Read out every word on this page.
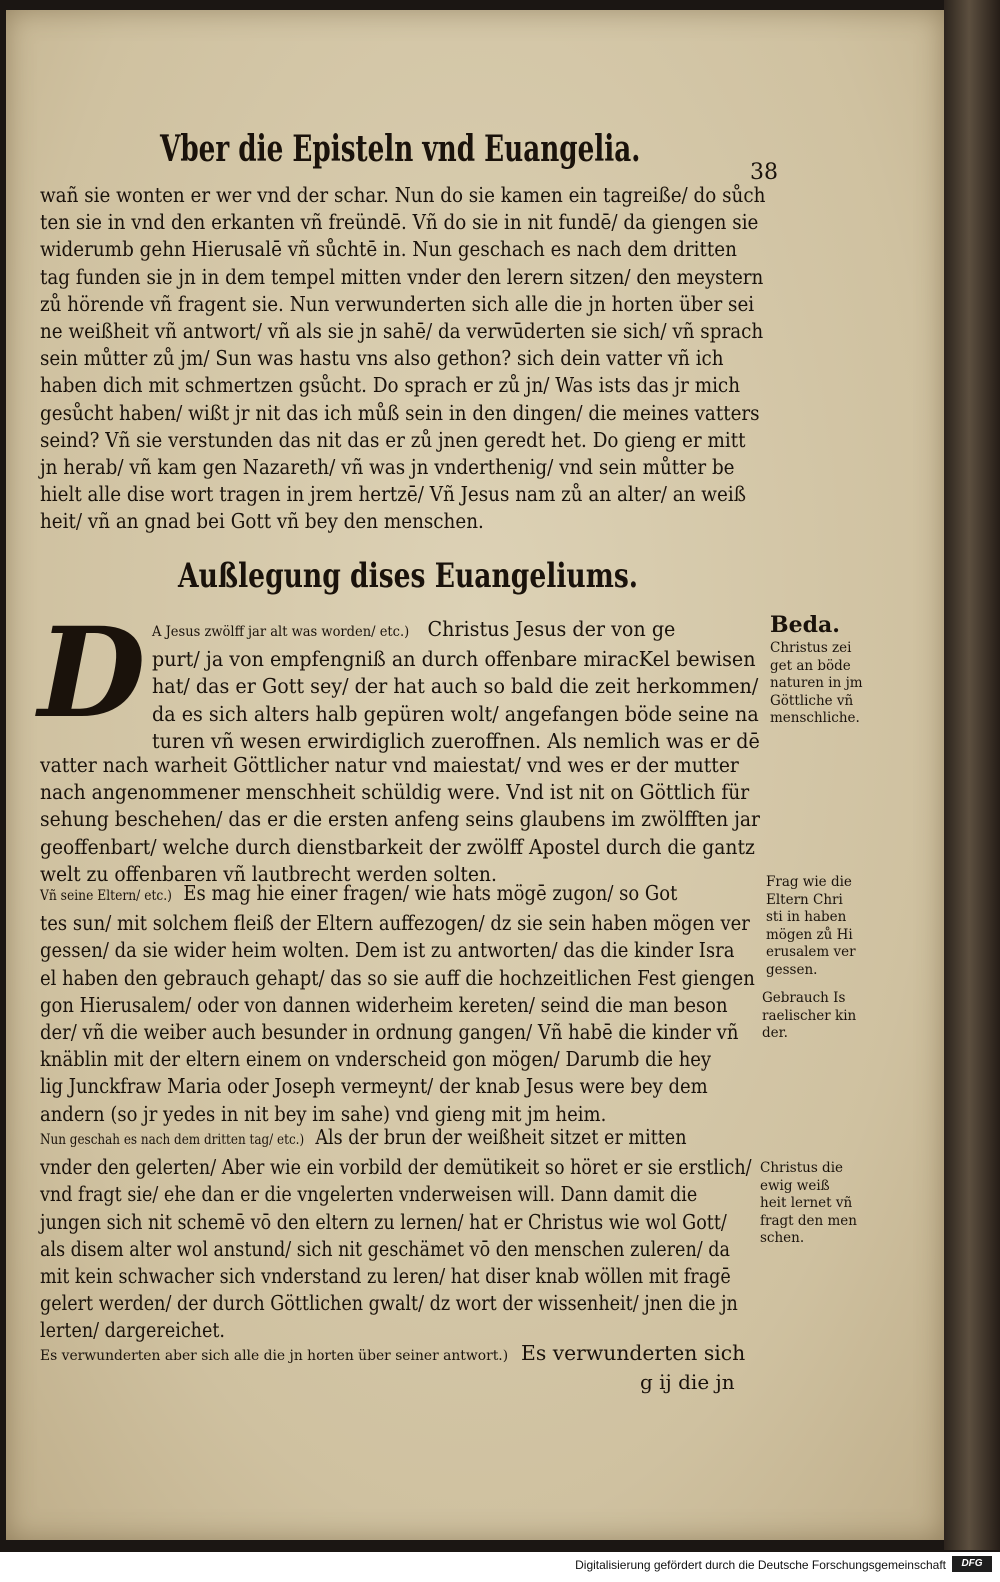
Vber die Episteln vnd Euangelia.
38
wañ sie wonten er wer vnd der schar. Nun do sie kamen ein tagreiße/ do sůch
ten sie in vnd den erkanten vñ freündē. Vñ do sie in nit fundē/ da giengen sie
widerumb gehn Hierusalē vñ sůchtē in. Nun geschach es nach dem dritten
tag funden sie jn in dem tempel mitten vnder den lerern sitzen/ den meystern
zů hörende vñ fragent sie. Nun verwunderten sich alle die jn horten über sei
ne weißheit vñ antwort/ vñ als sie jn sahē/ da verwūderten sie sich/ vñ sprach
sein můtter zů jm/ Sun was hastu vns also gethon? sich dein vatter vñ ich
haben dich mit schmertzen gsůcht. Do sprach er zů jn/ Was ists das jr mich
gesůcht haben/ wißt jr nit das ich můß sein in den dingen/ die meines vatters
seind? Vñ sie verstunden das nit das er zů jnen geredt het. Do gieng er mitt
jn herab/ vñ kam gen Nazareth/ vñ was jn vnderthenig/ vnd sein můtter be
hielt alle dise wort tragen in jrem hertzē/ Vñ Jesus nam zů an alter/ an weiß
heit/ vñ an gnad bei Gott vñ bey den menschen.
Außlegung dises Euangeliums.
D A Jesus zwölff jar alt was worden/ etc.) Christus Jesus der von ge
purt/ ja von empfengniß an durch offenbare miracKel bewisen
hat/ das er Gott sey/ der hat auch so bald die zeit herkommen/
da es sich alters halb gepüren wolt/ angefangen böde seine na
turen vñ wesen erwirdiglich zueroffnen. Als nemlich was er dē
vatter nach warheit Göttlicher natur vnd maiestat/ vnd wes er der mutter
nach angenommener menschheit schüldig were. Vnd ist nit on Göttlich für
sehung beschehen/ das er die ersten anfeng seins glaubens im zwölfften jar
geoffenbart/ welche durch dienstbarkeit der zwölff Apostel durch die gantz
welt zu offenbaren vñ lautbrecht werden solten.
Vñ seine Eltern/ etc.) Es mag hie einer fragen/ wie hats mögē zugon/ so Got
tes sun/ mit solchem fleiß der Eltern auffezogen/ dz sie sein haben mögen ver
gessen/ da sie wider heim wolten. Dem ist zu antworten/ das die kinder Isra
el haben den gebrauch gehapt/ das so sie auff die hochzeitlichen Fest giengen
gon Hierusalem/ oder von dannen widerheim kereten/ seind die man beson
der/ vñ die weiber auch besunder in ordnung gangen/ Vñ habē die kinder vñ
knäblin mit der eltern einem on vnderscheid gon mögen/ Darumb die hey
lig Junckfraw Maria oder Joseph vermeynt/ der knab Jesus were bey dem
andern (so jr yedes in nit bey im sahe) vnd gieng mit jm heim.
Nun geschah es nach dem dritten tag/ etc.) Als der brun der weißheit sitzet er mitten
vnder den gelerten/ Aber wie ein vorbild der demütikeit so höret er sie erstlich/
vnd fragt sie/ ehe dan er die vngelerten vnderweisen will. Dann damit die
jungen sich nit schemē vō den eltern zu lernen/ hat er Christus wie wol Gott/
als disem alter wol anstund/ sich nit geschämet vō den menschen zuleren/ da
mit kein schwacher sich vnderstand zu leren/ hat diser knab wöllen mit fragē
gelert werden/ der durch Göttlichen gwalt/ dz wort der wissenheit/ jnen die jn
lerten/ dargereichet.
Es verwunderten aber sich alle die jn horten über seiner antwort.) Es verwunderten sich
g ij die jn
Beda.
Christus zei
get an böde
naturen in jm
Göttliche vñ
menschliche.
Frag wie die
Eltern Chri
sti in haben
mögen zů Hi
erusalem ver
gessen.
Gebrauch Is
raelischer kin
der.
Christus die
ewig weiß
heit lernet vñ
fragt den men
schen.
Digitalisierung gefördert durch die Deutsche Forschungsgemeinschaft	DFG
